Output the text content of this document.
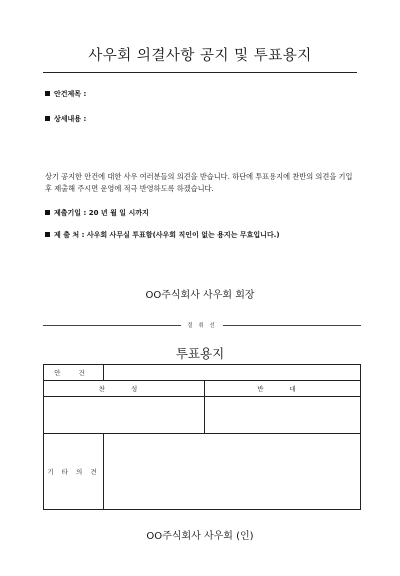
사우회 의결사항 공지 및 투표용지
안건제목 :
상세내용 :
상기 공지한 안건에 대한 사우 여러분들의 의견을 받습니다. 하단에 투표용지에 찬반의 의견을 기입 후 제출해 주시면 운영에 적극 반영하도록 하겠습니다.
제출기일 : 20 년 월 일 시까지
제 출 처 : 사우회 사무실 투표함(사우회 직인이 없는 용지는 무효입니다.)
OO주식회사 사우회 회장
절 취 선
투표용지
안 건		
찬 성		반 대

기 타 의 견		
OO주식회사 사우회 (인)
